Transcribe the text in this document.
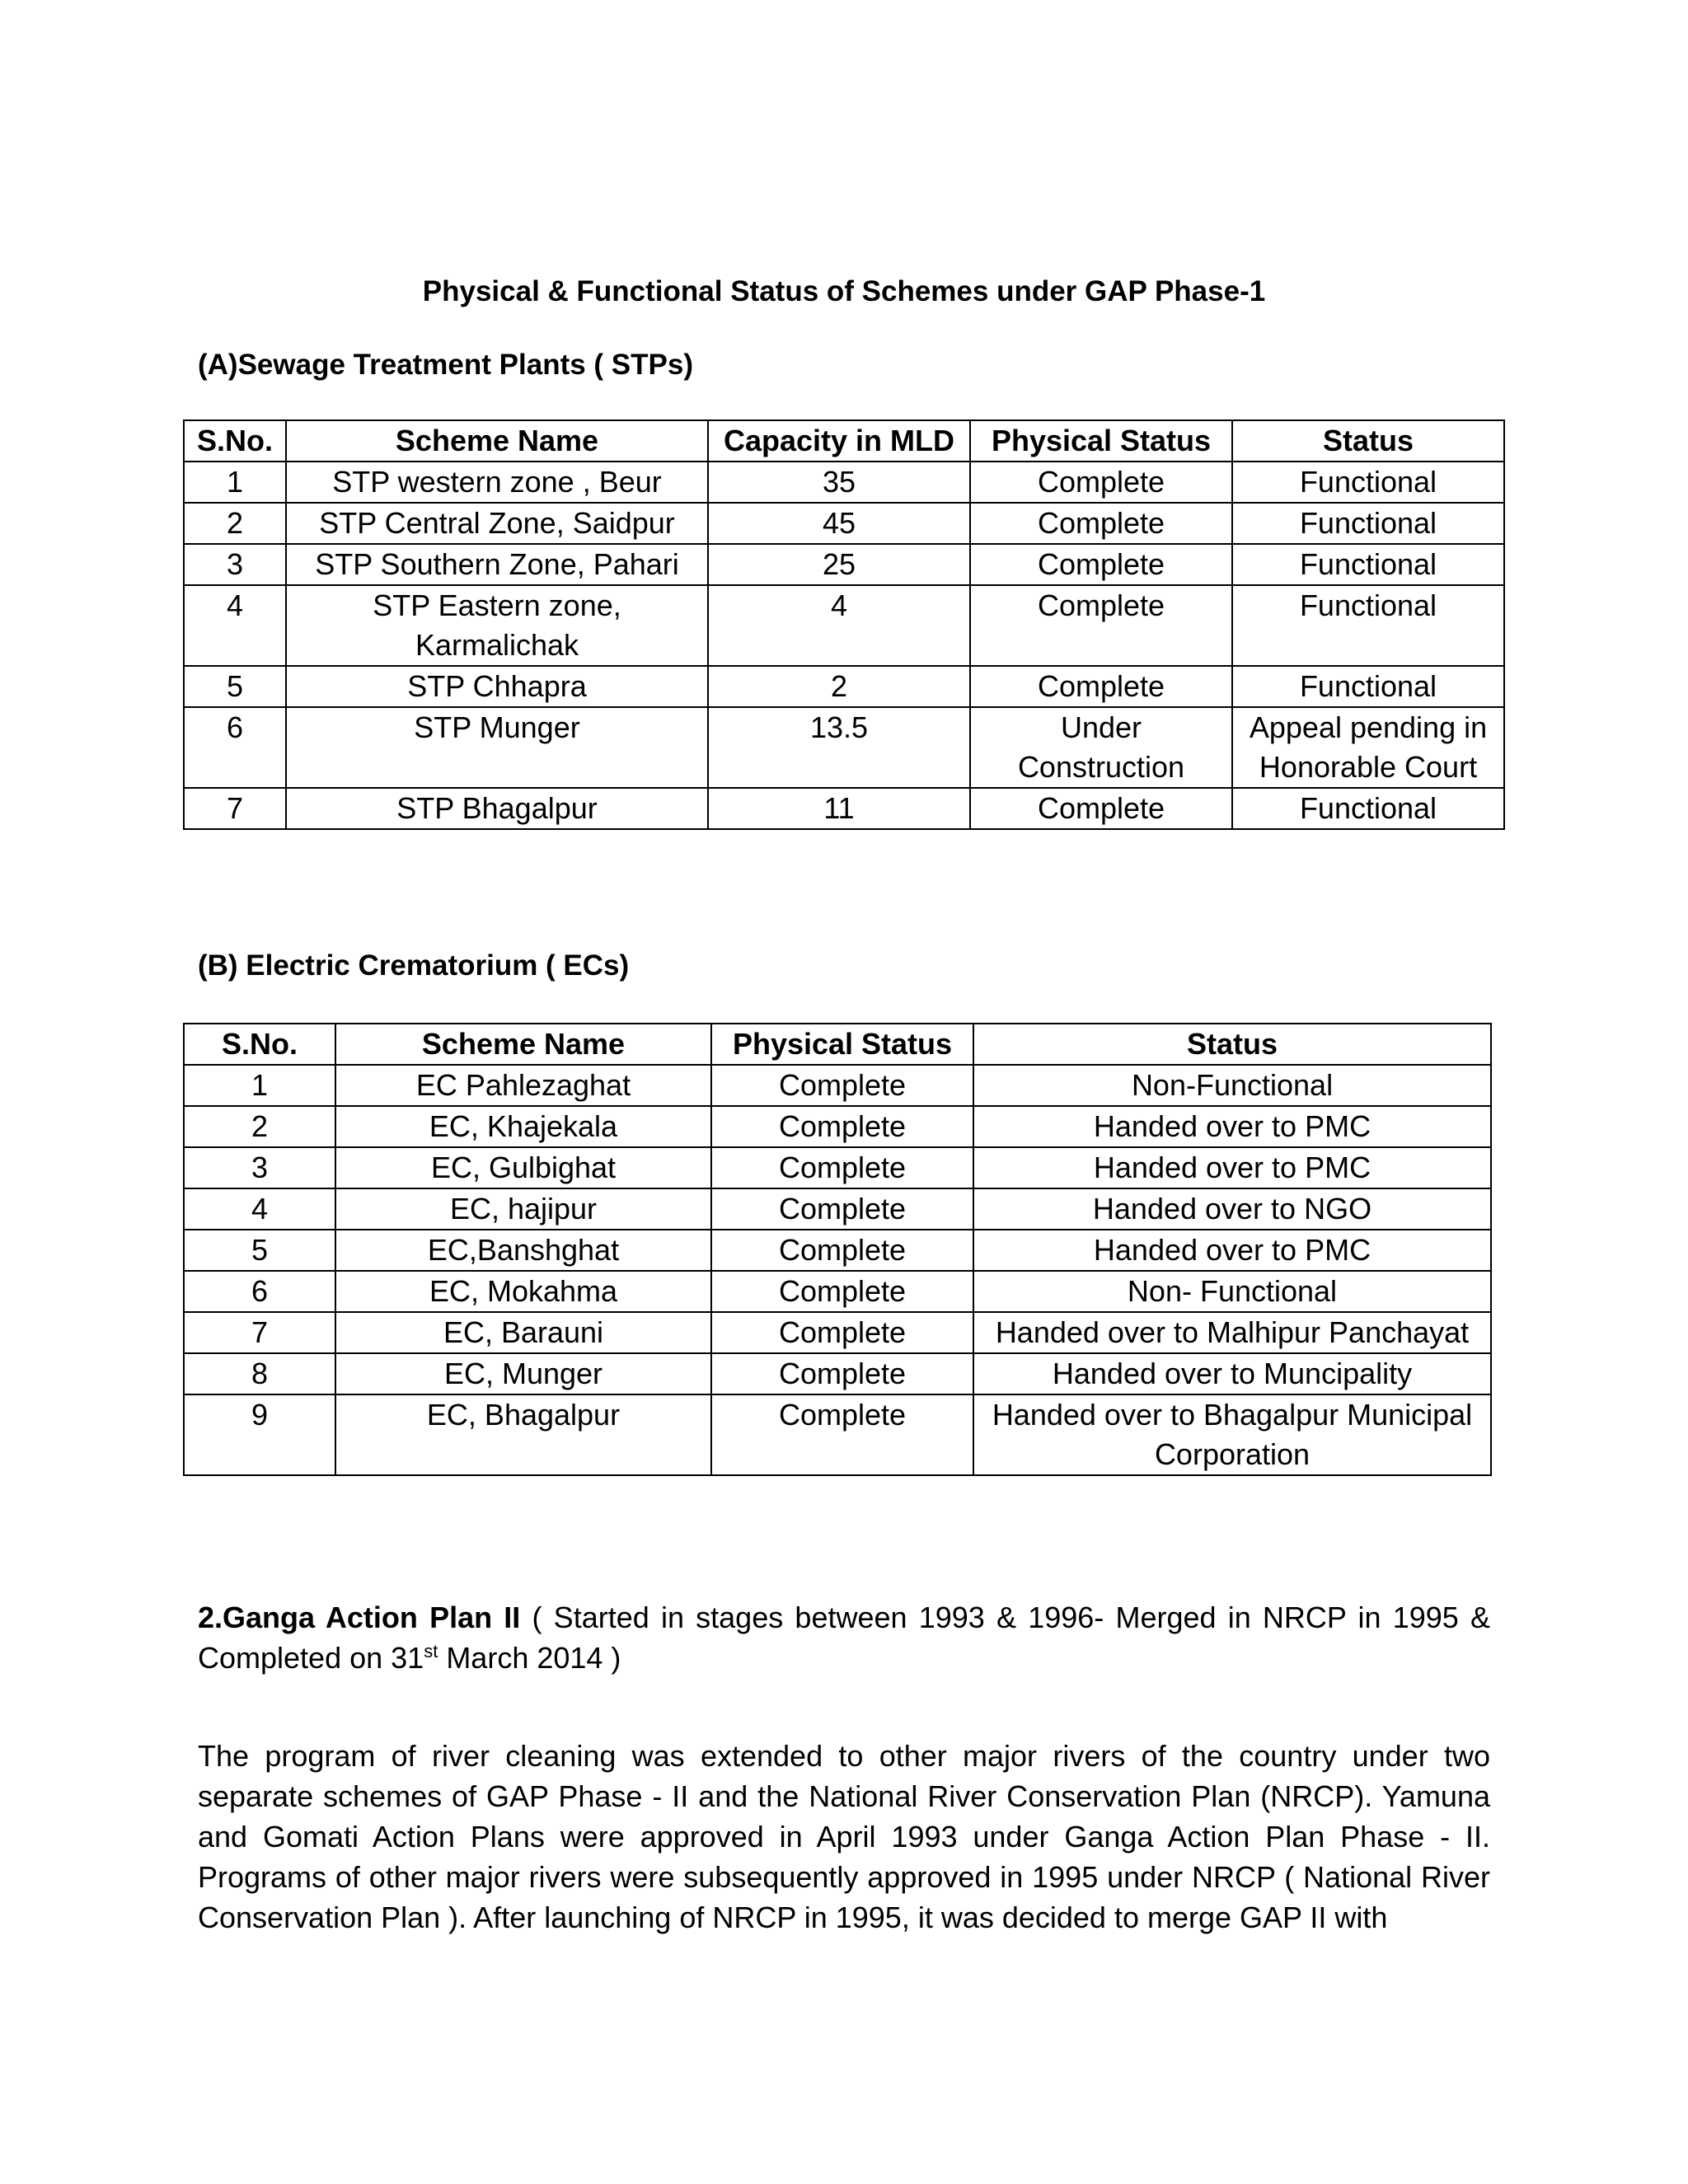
Physical & Functional Status of Schemes under GAP Phase-1
(A)Sewage Treatment Plants ( STPs)
S.No.	Scheme Name	Capacity in MLD	Physical Status	Status
1	STP western zone , Beur	35	Complete	Functional
2	STP Central Zone, Saidpur	45	Complete	Functional
3	STP Southern Zone, Pahari	25	Complete	Functional
4	STP Eastern zone, Karmalichak	4	Complete	Functional
5	STP Chhapra	2	Complete	Functional
6	STP Munger	13.5	Under Construction	Appeal pending in Honorable Court
7	STP Bhagalpur	11	Complete	Functional
(B) Electric Crematorium ( ECs)
S.No.	Scheme Name	Physical Status	Status
1	EC Pahlezaghat	Complete	Non-Functional
2	EC, Khajekala	Complete	Handed over to PMC
3	EC, Gulbighat	Complete	Handed over to PMC
4	EC, hajipur	Complete	Handed over to NGO
5	EC,Banshghat	Complete	Handed over to PMC
6	EC, Mokahma	Complete	Non- Functional
7	EC, Barauni	Complete	Handed over to Malhipur Panchayat
8	EC, Munger	Complete	Handed over to Muncipality
9	EC, Bhagalpur	Complete	Handed over to Bhagalpur Municipal Corporation
2.Ganga Action Plan II ( Started in stages between 1993 & 1996- Merged in NRCP in 1995 & Completed on 31st March 2014 )
The program of river cleaning was extended to other major rivers of the country under two separate schemes of GAP Phase - II and the National River Conservation Plan (NRCP). Yamuna and Gomati Action Plans were approved in April 1993 under Ganga Action Plan Phase - II. Programs of other major rivers were subsequently approved in 1995 under NRCP ( National River Conservation Plan ). After launching of NRCP in 1995, it was decided to merge GAP II with
